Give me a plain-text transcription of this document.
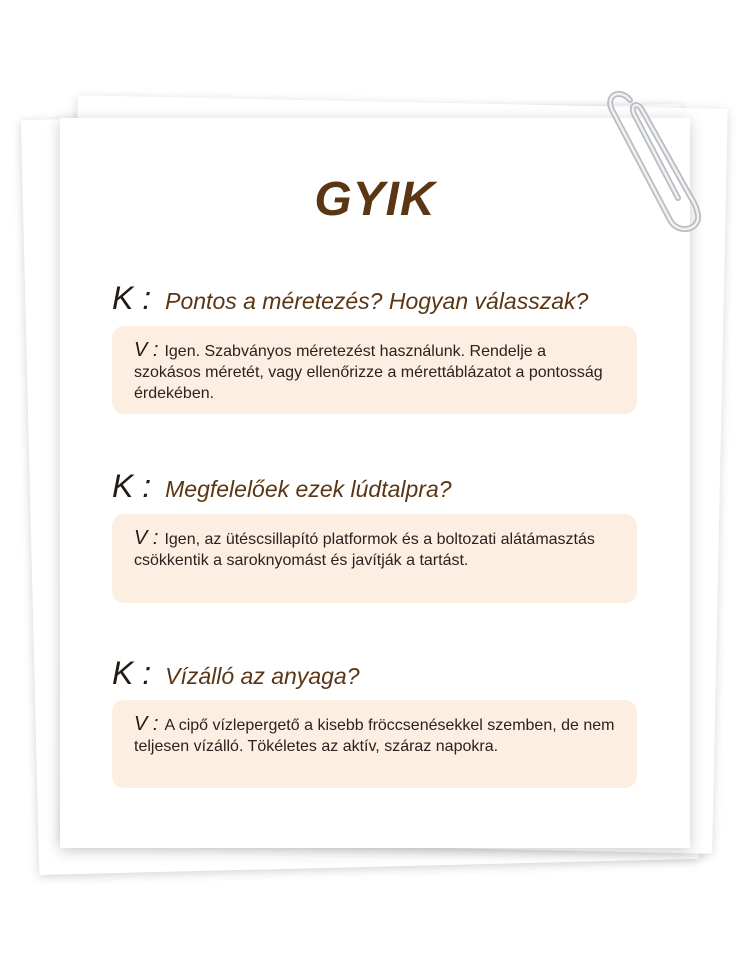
GYIK
K : Pontos a méretezés? Hogyan válasszak?
V : Igen. Szabványos méretezést használunk. Rendelje a szokásos méretét, vagy ellenőrizze a mérettáblázatot a pontosság érdekében.
K : Megfelelőek ezek lúdtalpra?
V : Igen, az ütéscsillapító platformok és a boltozati alátámasztás csökkentik a saroknyomást és javítják a tartást.
K : Vízálló az anyaga?
V : A cipő vízlepergető a kisebb fröccsenésekkel szemben, de nem teljesen vízálló. Tökéletes az aktív, száraz napokra.
